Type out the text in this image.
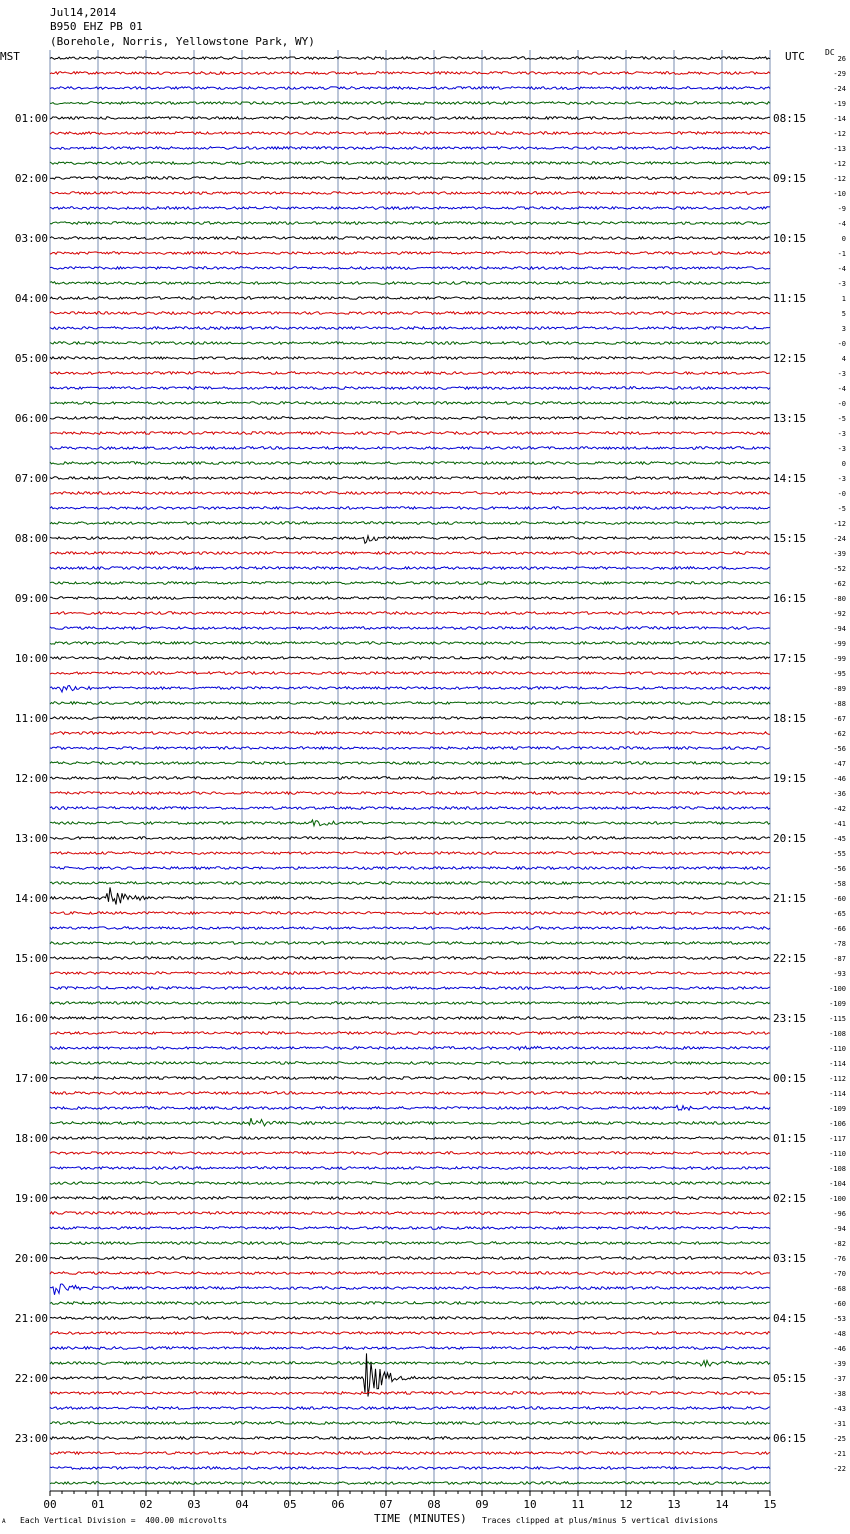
Jul14,2014
B950 EHZ PB 01
(Borehole, Norris, Yellowstone Park, WY)
MST	UTC	DC
26
-29
-24
-19
-14
-12
-13
-12
-12
-10
-9
-4
0
-1
-4
-3
1
5
3
-0
4
-3
-4
-0
-5
-3
-3
0
-3
-0
-5
-12
-24
-39
-52
-62
-80
-92
-94
-99
-99
-95
-89
-88
-67
-62
-56
-47
-46
-36
-42
-41
-45
-55
-56
-58
-60
-65
-66
-78
-87
-93
-100
-109
-115
-108
-110
-114
-112
-114
-109
-106
-117
-110
-108
-104
-100
-96
-94
-82
-76
-70
-68
-60
-53
-48
-46
-39
-37
-38
-43
-31
-25
-21
-22
01:00	08:15
02:00	09:15
03:00	10:15
04:00	11:15
05:00	12:15
06:00	13:15
07:00	14:15
08:00	15:15
09:00	16:15
10:00	17:15
11:00	18:15
12:00	19:15
13:00	20:15
14:00	21:15
15:00	22:15
16:00	23:15
17:00	00:15
18:00	01:15
19:00	02:15
20:00	03:15
21:00	04:15
22:00	05:15
23:00	06:15
00	01	02	03	04	05	06	07	08	09	10	11	12	13	14	15
A Each Vertical Division =  400.00 microvolts	TIME (MINUTES) Traces clipped at plus/minus 5 vertical divisions
